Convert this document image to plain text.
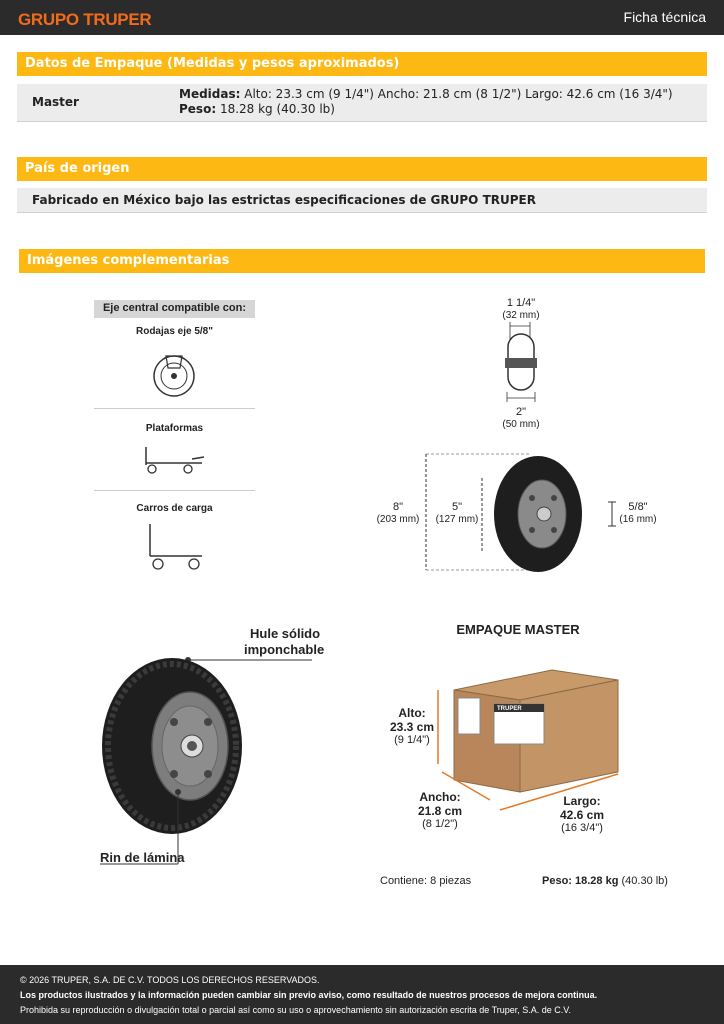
GRUPO TRUPER	Ficha técnica
Datos de Empaque (Medidas y pesos aproximados)
Master
Medidas: Alto: 23.3 cm (9 1/4") Ancho: 21.8 cm (8 1/2") Largo: 42.6 cm (16 3/4") Peso: 18.28 kg (40.30 lb)
País de origen
Fabricado en México bajo las estrictas especificaciones de GRUPO TRUPER
Imágenes complementarias
Eje central compatible con:
Rodajas eje 5/8"
Plataformas
Carros de carga
1 1/4"
(32 mm)
2"
(50 mm)
8"
(203 mm)
5"
(127 mm)
5/8"
(16 mm)
Hule sólido
imponchable
Rin de lámina
EMPAQUE MASTER
TRUPER
Alto:
23.3 cm
(9 1/4")
Ancho:
21.8 cm
(8 1/2")
Largo:
42.6 cm
(16 3/4")
Contiene: 8 piezas	Peso: 18.28 kg (40.30 lb)
© 2026 TRUPER, S.A. DE C.V. TODOS LOS DERECHOS RESERVADOS.
Los productos ilustrados y la información pueden cambiar sin previo aviso, como resultado de nuestros procesos de mejora continua.
Prohibida su reproducción o divulgación total o parcial así como su uso o aprovechamiento sin autorización escrita de Truper, S.A. de C.V.
